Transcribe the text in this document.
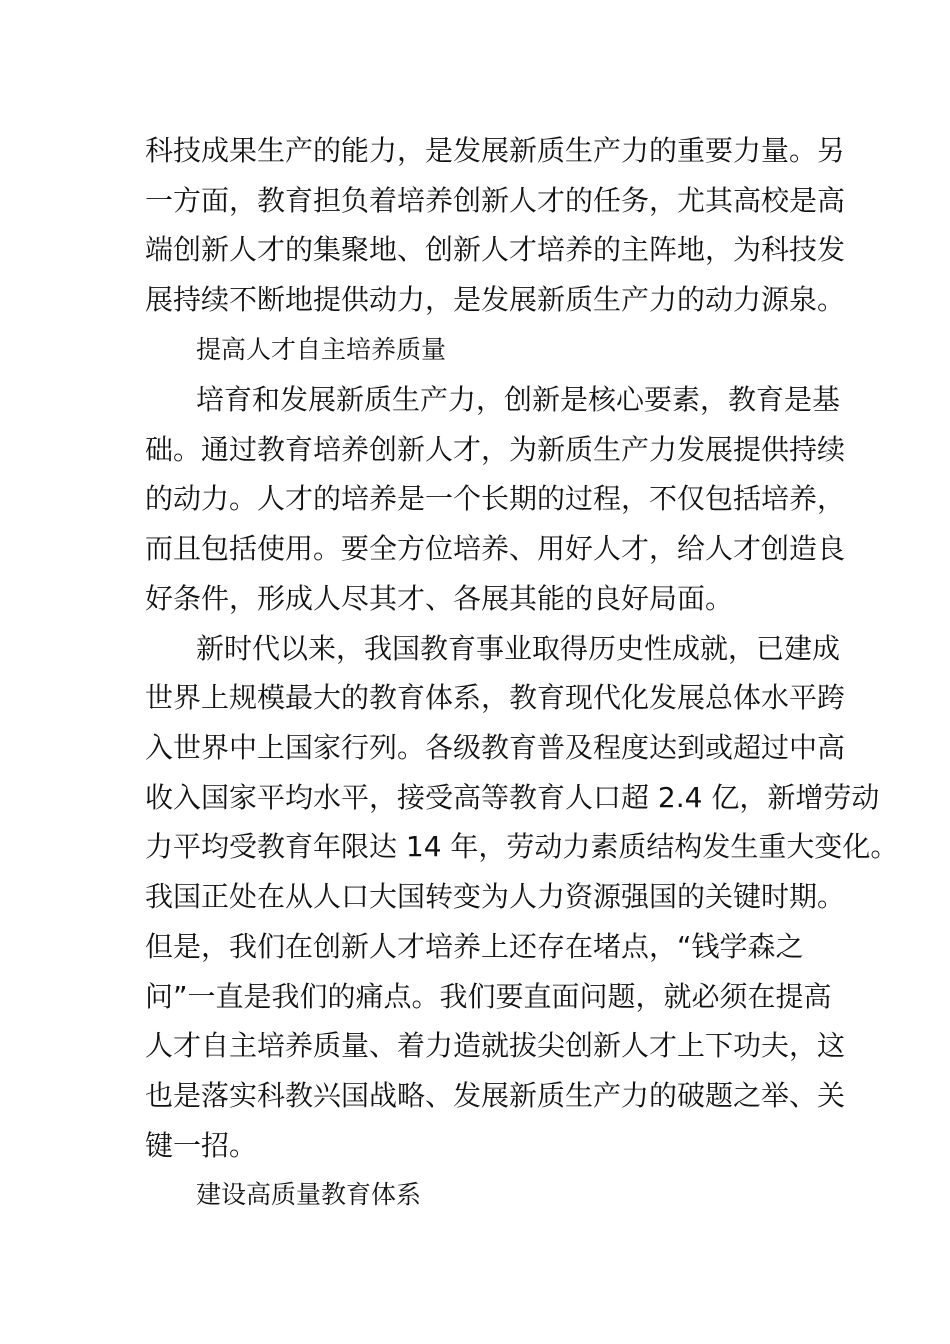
科技成果生产的能力，是发展新质生产力的重要力量。另
一方面，教育担负着培养创新人才的任务，尤其高校是高
端创新人才的集聚地、创新人才培养的主阵地，为科技发
展持续不断地提供动力，是发展新质生产力的动力源泉。
提高人才自主培养质量
培育和发展新质生产力，创新是核心要素，教育是基
础。通过教育培养创新人才，为新质生产力发展提供持续
的动力。人才的培养是一个长期的过程，不仅包括培养，
而且包括使用。要全方位培养、用好人才，给人才创造良
好条件，形成人尽其才、各展其能的良好局面。
新时代以来，我国教育事业取得历史性成就，已建成
世界上规模最大的教育体系，教育现代化发展总体水平跨
入世界中上国家行列。各级教育普及程度达到或超过中高
收入国家平均水平，接受高等教育人口超 2.4 亿，新增劳动
力平均受教育年限达 14 年，劳动力素质结构发生重大变化。
我国正处在从人口大国转变为人力资源强国的关键时期。
但是，我们在创新人才培养上还存在堵点，“钱学森之
问”一直是我们的痛点。我们要直面问题，就必须在提高
人才自主培养质量、着力造就拔尖创新人才上下功夫，这
也是落实科教兴国战略、发展新质生产力的破题之举、关
键一招。
建设高质量教育体系
